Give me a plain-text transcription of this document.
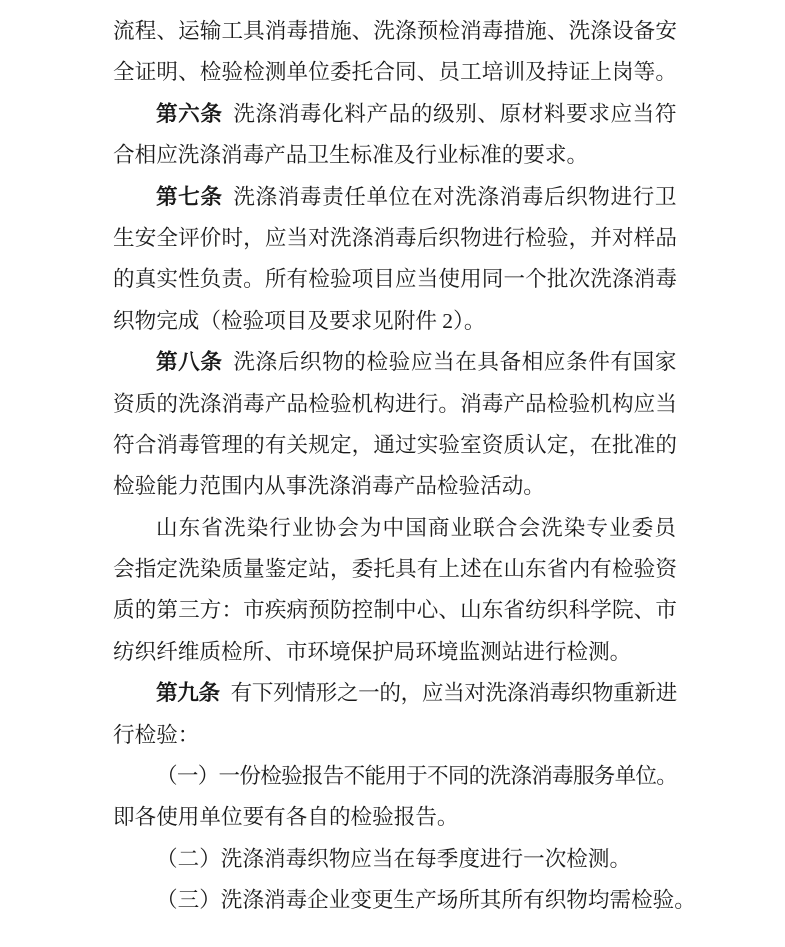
流程、运输工具消毒措施、洗涤预检消毒措施、洗涤设备安
全证明、检验检测单位委托合同、员工培训及持证上岗等。
第六条 洗涤消毒化料产品的级别、原材料要求应当符
合相应洗涤消毒产品卫生标准及行业标准的要求。
第七条 洗涤消毒责任单位在对洗涤消毒后织物进行卫
生安全评价时，应当对洗涤消毒后织物进行检验，并对样品
的真实性负责。所有检验项目应当使用同一个批次洗涤消毒
织物完成（检验项目及要求见附件 2）。
第八条 洗涤后织物的检验应当在具备相应条件有国家
资质的洗涤消毒产品检验机构进行。消毒产品检验机构应当
符合消毒管理的有关规定，通过实验室资质认定，在批准的
检验能力范围内从事洗涤消毒产品检验活动。
山东省洗染行业协会为中国商业联合会洗染专业委员
会指定洗染质量鉴定站，委托具有上述在山东省内有检验资
质的第三方：市疾病预防控制中心、山东省纺织科学院、市
纺织纤维质检所、市环境保护局环境监测站进行检测。
第九条 有下列情形之一的，应当对洗涤消毒织物重新进
行检验：
（一）一份检验报告不能用于不同的洗涤消毒服务单位。
即各使用单位要有各自的检验报告。
（二）洗涤消毒织物应当在每季度进行一次检测。
（三）洗涤消毒企业变更生产场所其所有织物均需检验。
